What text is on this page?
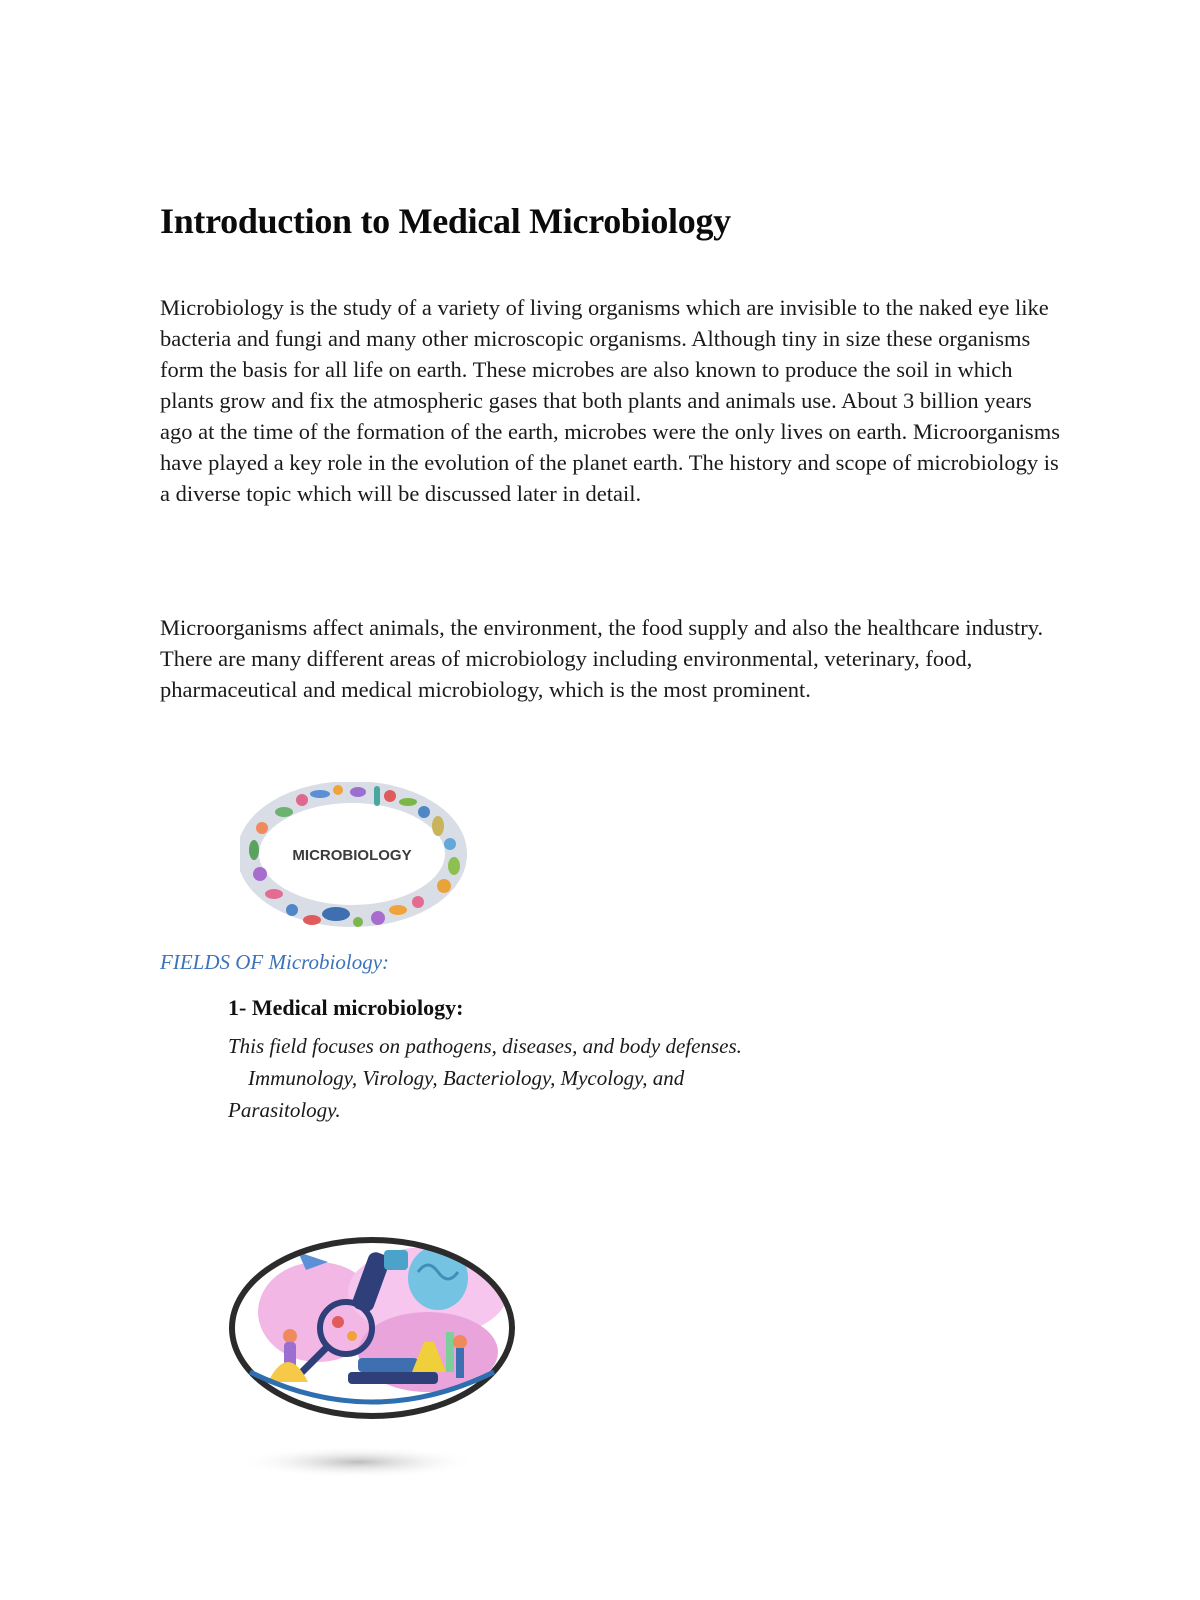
Introduction to Medical Microbiology

Microbiology is the study of a variety of living organisms which are invisible to the naked eye like bacteria and fungi and many other microscopic organisms. Although tiny in size these organisms form the basis for all life on earth. These microbes are also known to produce the soil in which plants grow and fix the atmospheric gases that both plants and animals use. About 3 billion years ago at the time of the formation of the earth, microbes were the only lives on earth. Microorganisms have played a key role in the evolution of the planet earth. The history and scope of microbiology is a diverse topic which will be discussed later in detail.

Microorganisms affect animals, the environment, the food supply and also the healthcare industry. There are many different areas of microbiology including environmental, veterinary, food, pharmaceutical and medical microbiology, which is the most prominent.

MICROBIOLOGY

FIELDS OF Microbiology:

1- Medical microbiology:

This field focuses on pathogens, diseases, and body defenses.
Immunology, Virology, Bacteriology, Mycology, and
Parasitology.
